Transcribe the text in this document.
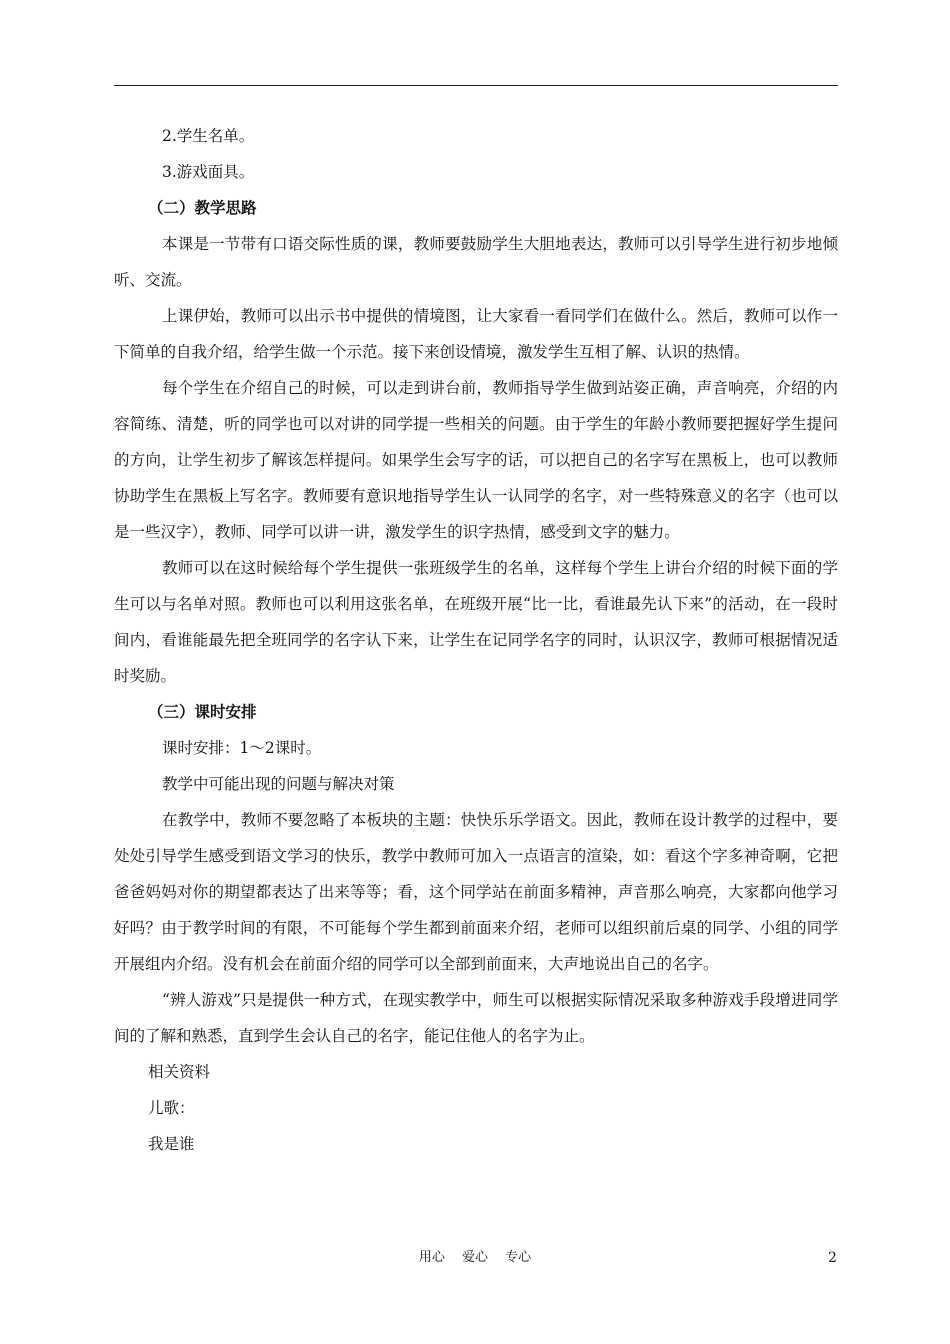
2.学生名单。
3.游戏面具。
（二）教学思路

本课是一节带有口语交际性质的课，教师要鼓励学生大胆地表达，教师可以引导学生进行初步地倾听、交流。

上课伊始，教师可以出示书中提供的情境图，让大家看一看同学们在做什么。然后，教师可以作一下简单的自我介绍，给学生做一个示范。接下来创设情境，激发学生互相了解、认识的热情。

每个学生在介绍自己的时候，可以走到讲台前，教师指导学生做到站姿正确，声音响亮，介绍的内容简练、清楚，听的同学也可以对讲的同学提一些相关的问题。由于学生的年龄小教师要把握好学生提问的方向，让学生初步了解该怎样提问。如果学生会写字的话，可以把自己的名字写在黑板上，也可以教师协助学生在黑板上写名字。教师要有意识地指导学生认一认同学的名字，对一些特殊意义的名字（也可以是一些汉字），教师、同学可以讲一讲，激发学生的识字热情，感受到文字的魅力。

教师可以在这时候给每个学生提供一张班级学生的名单，这样每个学生上讲台介绍的时候下面的学生可以与名单对照。教师也可以利用这张名单，在班级开展“比一比，看谁最先认下来”的活动，在一段时间内，看谁能最先把全班同学的名字认下来，让学生在记同学名字的同时，认识汉字，教师可根据情况适时奖励。

（三）课时安排
课时安排：1～2课时。
教学中可能出现的问题与解决对策

在教学中，教师不要忽略了本板块的主题：快快乐乐学语文。因此，教师在设计教学的过程中，要处处引导学生感受到语文学习的快乐，教学中教师可加入一点语言的渲染，如：看这个字多神奇啊，它把爸爸妈妈对你的期望都表达了出来等等；看，这个同学站在前面多精神，声音那么响亮，大家都向他学习好吗？由于教学时间的有限，不可能每个学生都到前面来介绍，老师可以组织前后桌的同学、小组的同学开展组内介绍。没有机会在前面介绍的同学可以全部到前面来，大声地说出自己的名字。

“辨人游戏”只是提供一种方式，在现实教学中，师生可以根据实际情况采取多种游戏手段增进同学间的了解和熟悉，直到学生会认自己的名字，能记住他人的名字为止。

相关资料
儿歌：
我是谁
用心　 爱心　 专心	2
